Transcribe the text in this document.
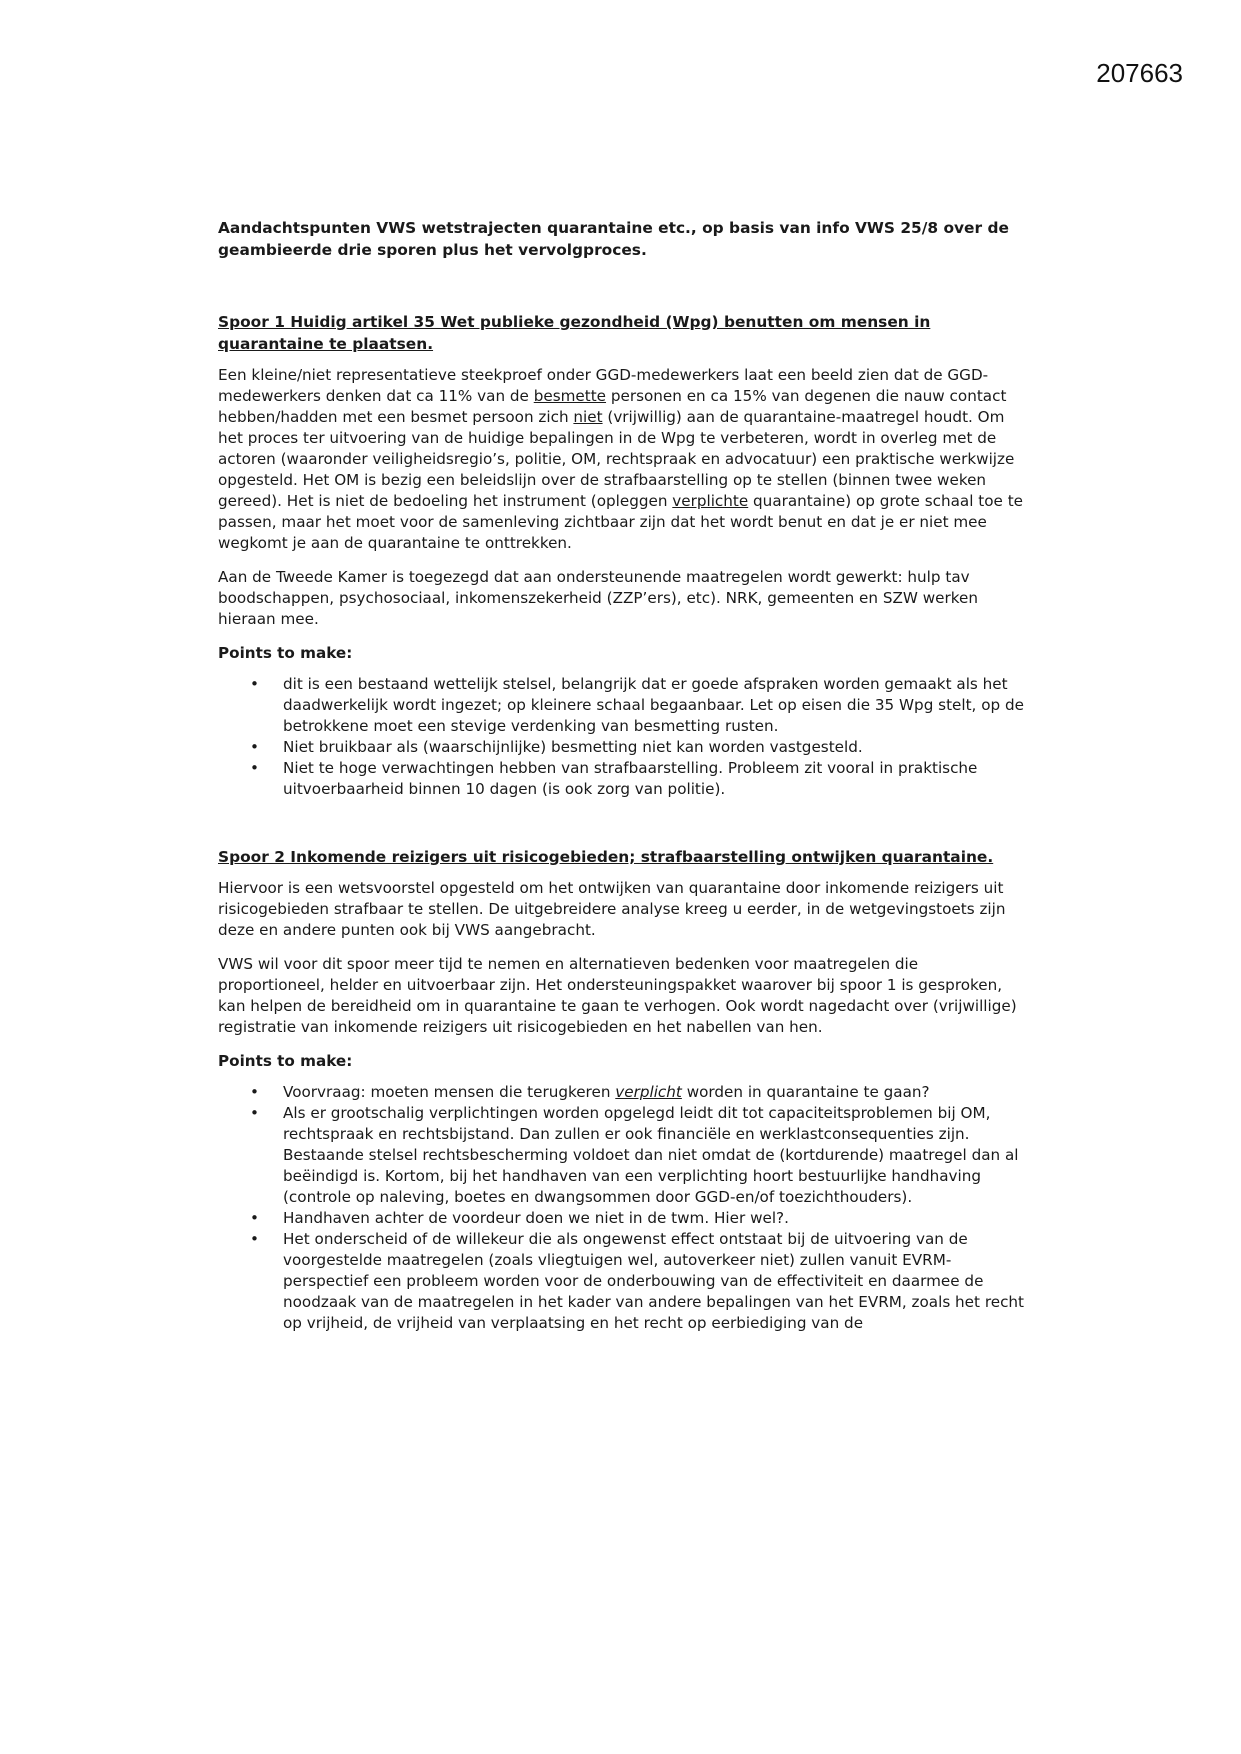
207663

Aandachtspunten VWS wetstrajecten quarantaine etc., op basis van info VWS 25/8 over de geambieerde drie sporen plus het vervolgproces.

Spoor 1 Huidig artikel 35 Wet publieke gezondheid (Wpg) benutten om mensen in quarantaine te plaatsen.

Een kleine/niet representatieve steekproef onder GGD-medewerkers laat een beeld zien dat de GGD-medewerkers denken dat ca 11% van de besmette personen en ca 15% van degenen die nauw contact hebben/hadden met een besmet persoon zich niet (vrijwillig) aan de quarantaine-maatregel houdt. Om het proces ter uitvoering van de huidige bepalingen in de Wpg te verbeteren, wordt in overleg met de actoren (waaronder veiligheidsregio’s, politie, OM, rechtspraak en advocatuur) een praktische werkwijze opgesteld. Het OM is bezig een beleidslijn over de strafbaarstelling op te stellen (binnen twee weken gereed). Het is niet de bedoeling het instrument (opleggen verplichte quarantaine) op grote schaal toe te passen, maar het moet voor de samenleving zichtbaar zijn dat het wordt benut en dat je er niet mee wegkomt je aan de quarantaine te onttrekken.

Aan de Tweede Kamer is toegezegd dat aan ondersteunende maatregelen wordt gewerkt: hulp tav boodschappen, psychosociaal, inkomenszekerheid (ZZP’ers), etc). NRK, gemeenten en SZW werken hieraan mee.

Points to make:

• dit is een bestaand wettelijk stelsel, belangrijk dat er goede afspraken worden gemaakt als het daadwerkelijk wordt ingezet; op kleinere schaal begaanbaar. Let op eisen die 35 Wpg stelt, op de betrokkene moet een stevige verdenking van besmetting rusten.
• Niet bruikbaar als (waarschijnlijke) besmetting niet kan worden vastgesteld.
• Niet te hoge verwachtingen hebben van strafbaarstelling. Probleem zit vooral in praktische uitvoerbaarheid binnen 10 dagen (is ook zorg van politie).

Spoor 2 Inkomende reizigers uit risicogebieden; strafbaarstelling ontwijken quarantaine.

Hiervoor is een wetsvoorstel opgesteld om het ontwijken van quarantaine door inkomende reizigers uit risicogebieden strafbaar te stellen. De uitgebreidere analyse kreeg u eerder, in de wetgevingstoets zijn deze en andere punten ook bij VWS aangebracht.

VWS wil voor dit spoor meer tijd te nemen en alternatieven bedenken voor maatregelen die proportioneel, helder en uitvoerbaar zijn. Het ondersteuningspakket waarover bij spoor 1 is gesproken, kan helpen de bereidheid om in quarantaine te gaan te verhogen. Ook wordt nagedacht over (vrijwillige) registratie van inkomende reizigers uit risicogebieden en het nabellen van hen.

Points to make:

• Voorvraag: moeten mensen die terugkeren verplicht worden in quarantaine te gaan?
• Als er grootschalig verplichtingen worden opgelegd leidt dit tot capaciteitsproblemen bij OM, rechtspraak en rechtsbijstand. Dan zullen er ook financiële en werklastconsequenties zijn. Bestaande stelsel rechtsbescherming voldoet dan niet omdat de (kortdurende) maatregel dan al beëindigd is. Kortom, bij het handhaven van een verplichting hoort bestuurlijke handhaving (controle op naleving, boetes en dwangsommen door GGD-en/of toezichthouders).
• Handhaven achter de voordeur doen we niet in de twm. Hier wel?.
• Het onderscheid of de willekeur die als ongewenst effect ontstaat bij de uitvoering van de voorgestelde maatregelen (zoals vliegtuigen wel, autoverkeer niet) zullen vanuit EVRM-perspectief een probleem worden voor de onderbouwing van de effectiviteit en daarmee de noodzaak van de maatregelen in het kader van andere bepalingen van het EVRM, zoals het recht op vrijheid, de vrijheid van verplaatsing en het recht op eerbiediging van de
